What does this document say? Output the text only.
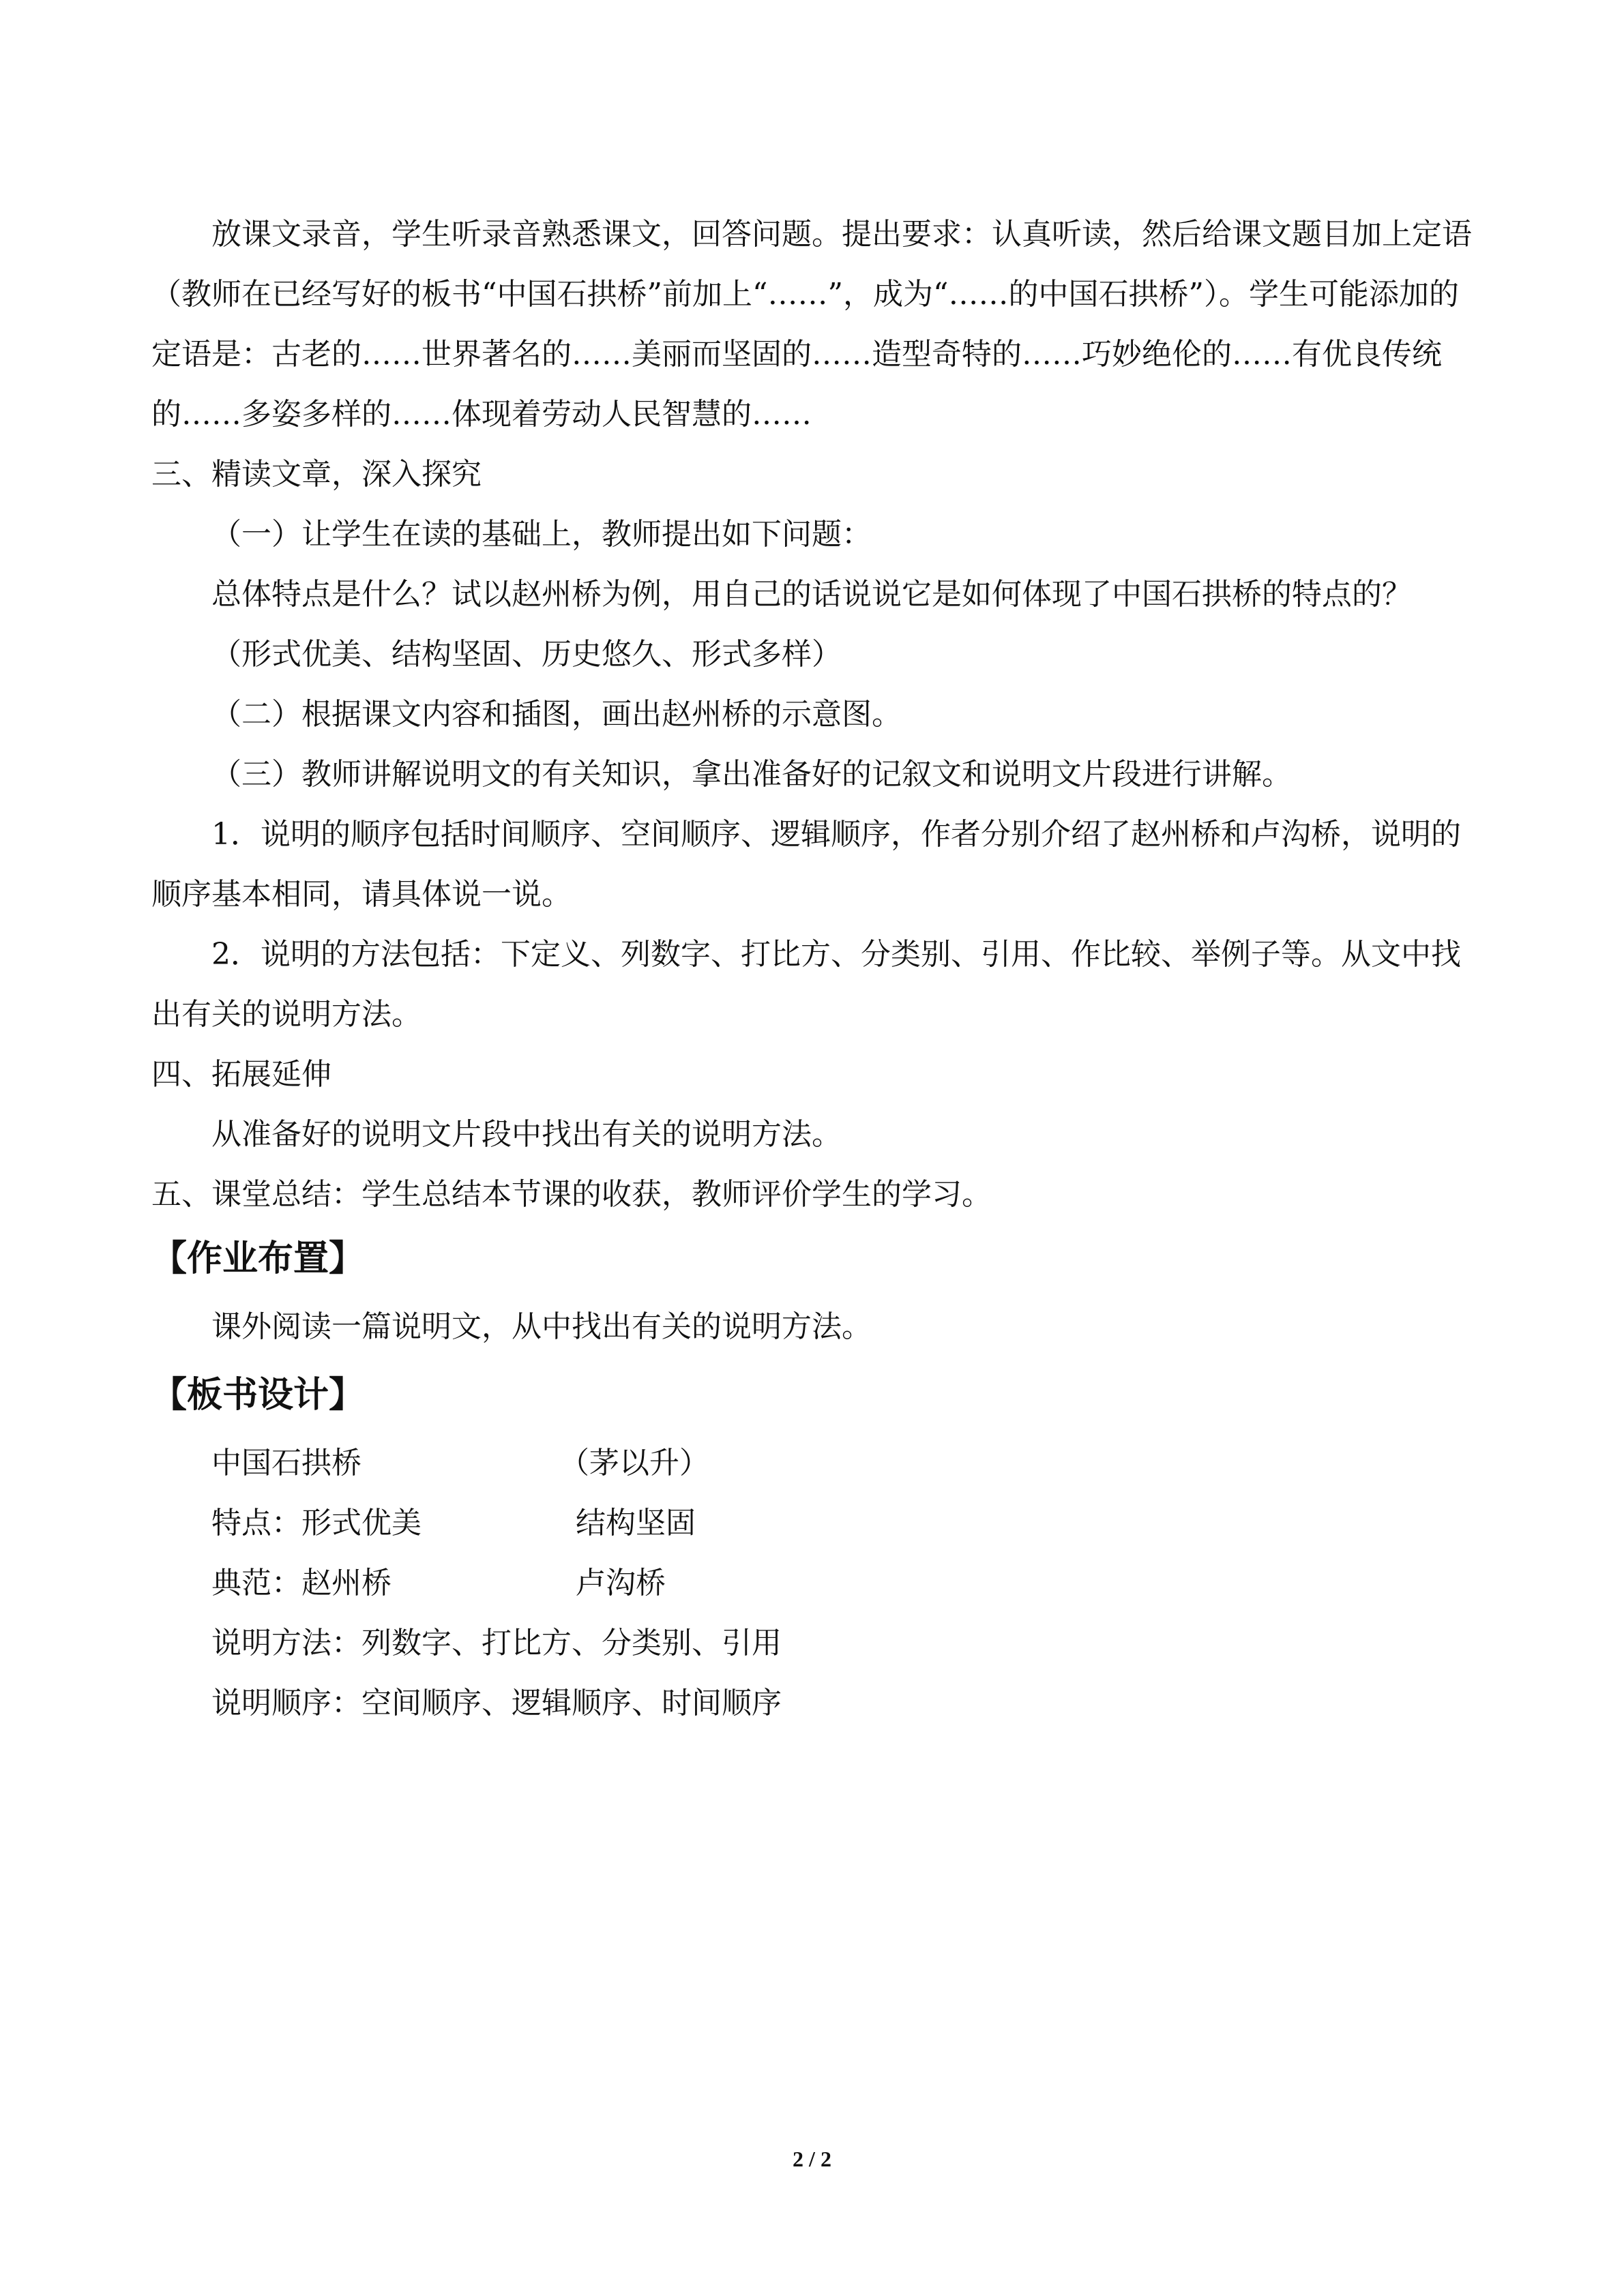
放课文录音，学生听录音熟悉课文，回答问题。提出要求：认真听读，然后给课文题目加上定语（教师在已经写好的板书“中国石拱桥”前加上“……”，成为“……的中国石拱桥”）。学生可能添加的定语是：古老的……世界著名的……美丽而坚固的……造型奇特的……巧妙绝伦的……有优良传统的……多姿多样的……体现着劳动人民智慧的……

三、精读文章，深入探究

（一）让学生在读的基础上，教师提出如下问题：

总体特点是什么？试以赵州桥为例，用自己的话说说它是如何体现了中国石拱桥的特点的？

（形式优美、结构坚固、历史悠久、形式多样）

（二）根据课文内容和插图，画出赵州桥的示意图。

（三）教师讲解说明文的有关知识，拿出准备好的记叙文和说明文片段进行讲解。

1．说明的顺序包括时间顺序、空间顺序、逻辑顺序，作者分别介绍了赵州桥和卢沟桥，说明的顺序基本相同，请具体说一说。

2．说明的方法包括：下定义、列数字、打比方、分类别、引用、作比较、举例子等。从文中找出有关的说明方法。

四、拓展延伸

从准备好的说明文片段中找出有关的说明方法。

五、课堂总结：学生总结本节课的收获，教师评价学生的学习。

【作业布置】

课外阅读一篇说明文，从中找出有关的说明方法。

【板书设计】

中国石拱桥	（茅以升）
特点：形式优美	结构坚固
典范：赵州桥	卢沟桥
说明方法：列数字、打比方、分类别、引用
说明顺序：空间顺序、逻辑顺序、时间顺序
2 / 2
